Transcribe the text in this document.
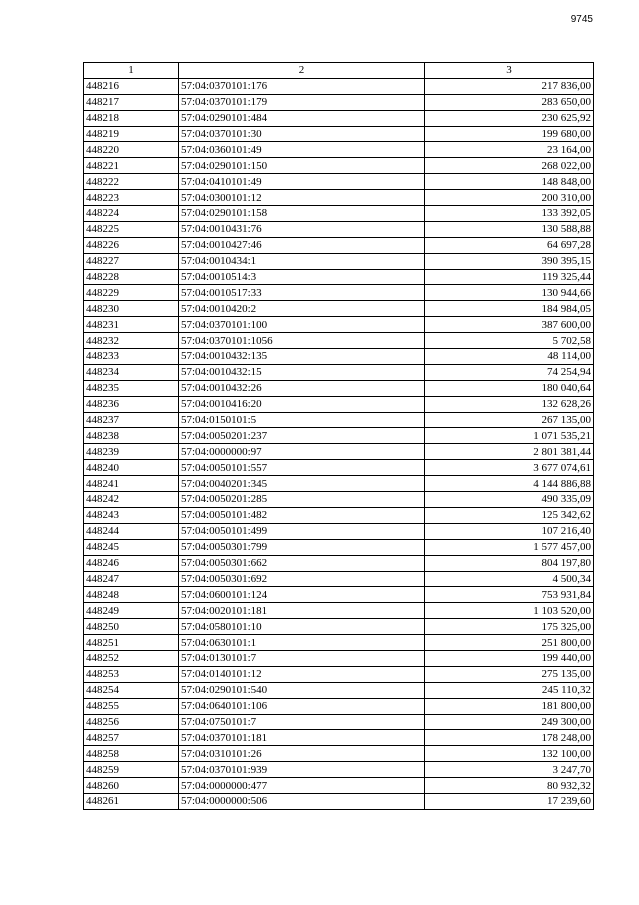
9745
1	2	3
448216	57:04:0370101:176	217 836,00
448217	57:04:0370101:179	283 650,00
448218	57:04:0290101:484	230 625,92
448219	57:04:0370101:30	199 680,00
448220	57:04:0360101:49	23 164,00
448221	57:04:0290101:150	268 022,00
448222	57:04:0410101:49	148 848,00
448223	57:04:0300101:12	200 310,00
448224	57:04:0290101:158	133 392,05
448225	57:04:0010431:76	130 588,88
448226	57:04:0010427:46	64 697,28
448227	57:04:0010434:1	390 395,15
448228	57:04:0010514:3	119 325,44
448229	57:04:0010517:33	130 944,66
448230	57:04:0010420:2	184 984,05
448231	57:04:0370101:100	387 600,00
448232	57:04:0370101:1056	5 702,58
448233	57:04:0010432:135	48 114,00
448234	57:04:0010432:15	74 254,94
448235	57:04:0010432:26	180 040,64
448236	57:04:0010416:20	132 628,26
448237	57:04:0150101:5	267 135,00
448238	57:04:0050201:237	1 071 535,21
448239	57:04:0000000:97	2 801 381,44
448240	57:04:0050101:557	3 677 074,61
448241	57:04:0040201:345	4 144 886,88
448242	57:04:0050201:285	490 335,09
448243	57:04:0050101:482	125 342,62
448244	57:04:0050101:499	107 216,40
448245	57:04:0050301:799	1 577 457,00
448246	57:04:0050301:662	804 197,80
448247	57:04:0050301:692	4 500,34
448248	57:04:0600101:124	753 931,84
448249	57:04:0020101:181	1 103 520,00
448250	57:04:0580101:10	175 325,00
448251	57:04:0630101:1	251 800,00
448252	57:04:0130101:7	199 440,00
448253	57:04:0140101:12	275 135,00
448254	57:04:0290101:540	245 110,32
448255	57:04:0640101:106	181 800,00
448256	57:04:0750101:7	249 300,00
448257	57:04:0370101:181	178 248,00
448258	57:04:0310101:26	132 100,00
448259	57:04:0370101:939	3 247,70
448260	57:04:0000000:477	80 932,32
448261	57:04:0000000:506	17 239,60
